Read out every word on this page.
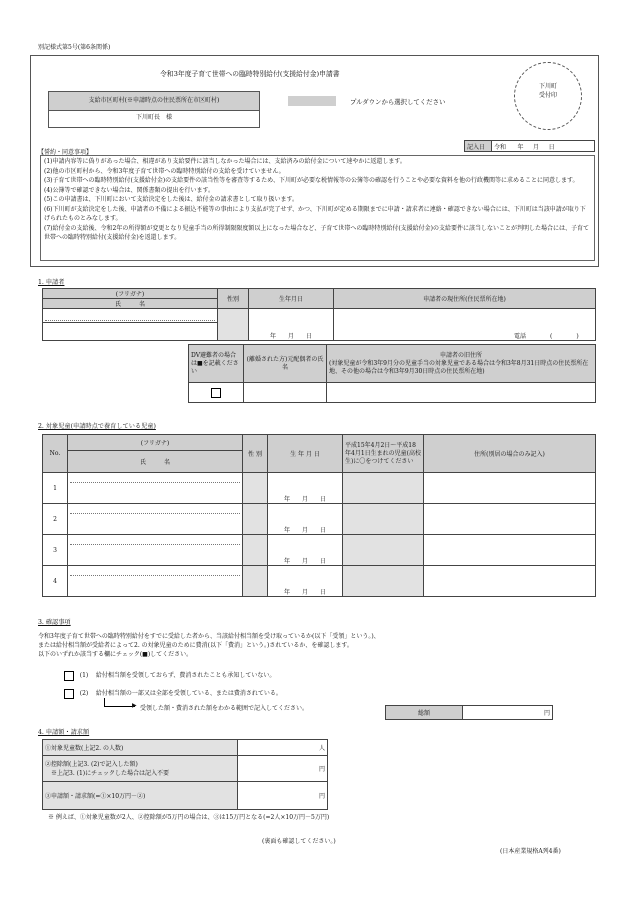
別記様式第5号(第6条関係)
令和3年度子育て世帯への臨時特別給付(支援給付金)申請書
下川町
受付印
支給市区町村(※申請時点の住民票所在市区町村)
下川町長　様
プルダウンから選択してください
記入日	令和 年 月 日
【誓約・同意事項】
(1)申請内容等に偽りがあった場合、相違があり支給要件に該当しなかった場合には、支給済みの給付金について速やかに返還します。
(2)他の市区町村から、令和3年度子育て世帯への臨時特別給付の支給を受けていません。
(3)子育て世帯への臨時特別給付(支援給付金)の支給要件の該当性等を審査等するため、下川町が必要な税情報等の公簿等の確認を行うことや必要な資料を他の行政機関等に求めることに同意します。
(4)公簿等で確認できない場合は、関係書類の提出を行います。
(5)この申請書は、下川町において支給決定をした後は、給付金の請求書として取り扱います。
(6)下川町が支給決定をした後、申請者の不備による振込不能等の事由により支払が完了せず、かつ、下川町が定める期限までに申請・請求者に連絡・確認できない場合には、下川町は当該申請が取り下げられたものとみなします。
(7)給付金の支給後、令和2年の所得額が変更となり児童手当の所得制限限度額以上になった場合など、子育て世帯への臨時特別給付(支援給付金)の支給要件に該当しないことが判明した場合には、子育て世帯への臨時特別給付(支援給付金)を返還します。
1. 申請者
(フリガナ)	性別	生年月日	申請者の現住所(住民票所在地)
氏　　　名			

		年　　月　　日	電話　　　　(　　　　)

DV避難者の場合は■を記載ください	(離婚された方)元配偶者の氏名	申請者の旧住所
(対象児童が令和3年9月分の児童手当の対象児童である場合は令和3年8月31日時点の住民票所在地、その他の場合は令和3年9月30日時点の住民票所在地)

2. 対象児童(申請時点で養育している児童)
No.	(フリガナ)	性 別	生 年 月 日	平成15年4月2日～平成18年4月1日生まれの児童(高校生)に〇をつけてください	住所(別居の場合のみ記入)
	氏　　　名				
1			年　　月　　日		
2			年　　月　　日		
3			年　　月　　日		
4			年　　月　　日		
3. 確認事項
令和3年度子育て世帯への臨時特別給付をすでに受給した者から、当該給付相当額を受け取っているか(以下「受領」という。)、
または給付相当額が受給者によって2. の対象児童のために費消(以下「費消」という。)されているか、を確認します。
以下のいずれか該当する欄にチェック(■)してください。
(1) 給付相当額を受領しておらず、費消されたことも承知していない。
(2) 給付相当額の一部又は全部を受領している、または費消されている。
▶ 受領した額・費消された額をわかる範囲で記入してください。
総額	円
4. 申請額・請求額
①対象児童数(上記2. の人数)	人

②控除額(上記3. (2)で記入した額)
※上記3. (1)にチェックした場合は記入不要	円
③申請額・請求額(=①×10万円－②)	円
※ 例えば、①対象児童数が2人、②控除額が5万円の場合は、③は15万円となる(=2人×10万円－5万円)
(裏面も確認してください。)
(日本産業規格A列4番)
